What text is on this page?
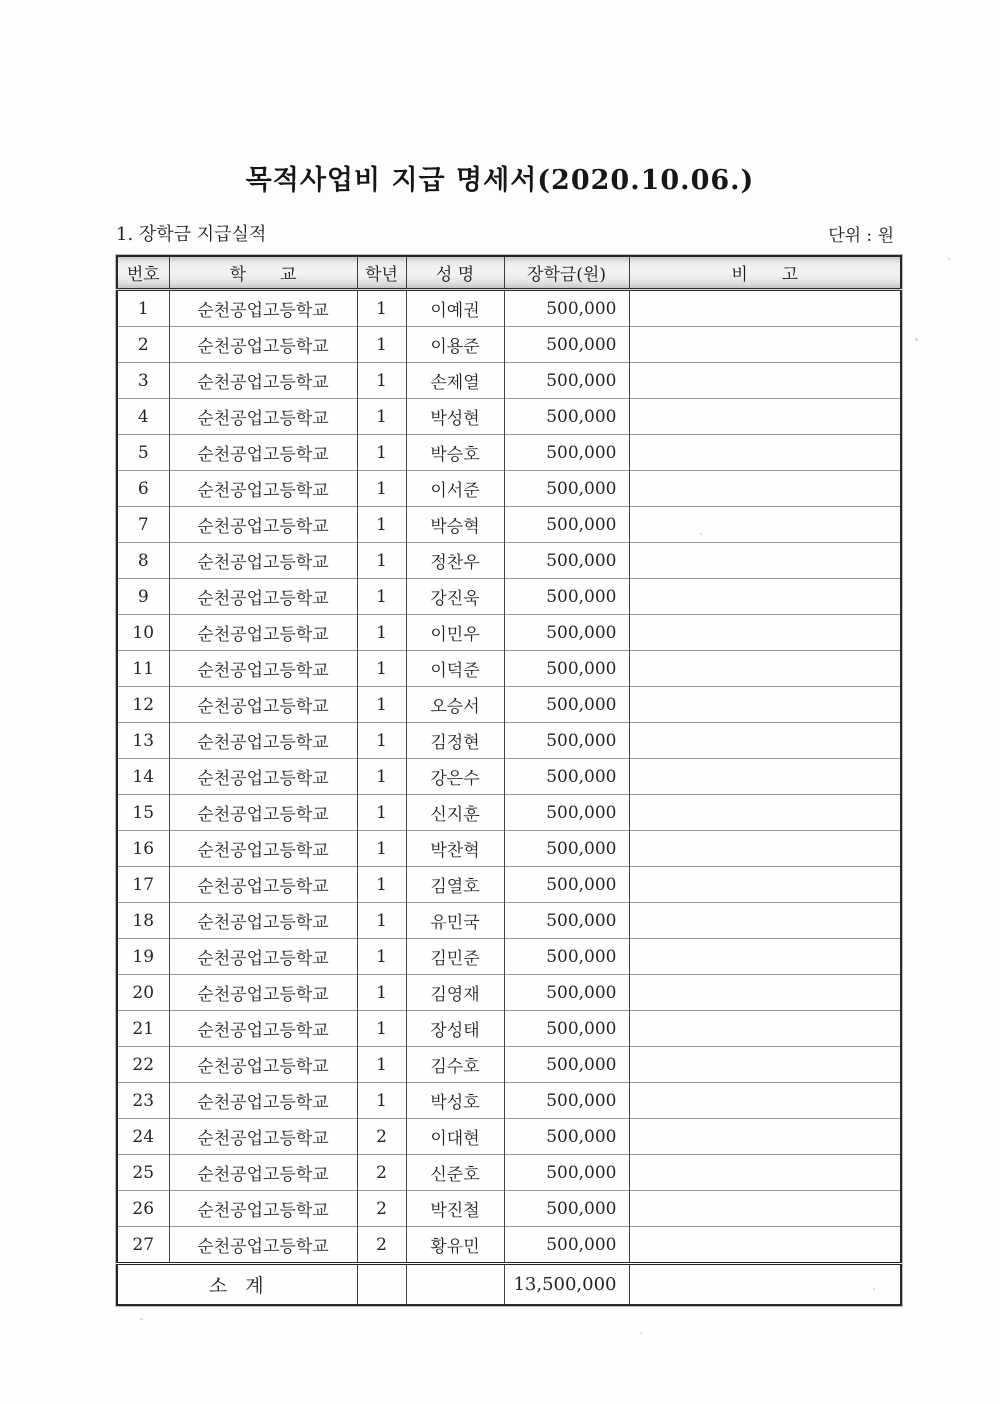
목적사업비 지급 명세서(2020.10.06.)
1. 장학금 지급실적	단위 : 원
번호	학　　교	학년	성 명	장학금(원)	비　　고
1	순천공업고등학교	1	이예권	500,000	
2	순천공업고등학교	1	이용준	500,000	
3	순천공업고등학교	1	손제열	500,000	
4	순천공업고등학교	1	박성현	500,000	
5	순천공업고등학교	1	박승호	500,000	
6	순천공업고등학교	1	이서준	500,000	
7	순천공업고등학교	1	박승혁	500,000	
8	순천공업고등학교	1	정찬우	500,000	
9	순천공업고등학교	1	강진욱	500,000	
10	순천공업고등학교	1	이민우	500,000	
11	순천공업고등학교	1	이덕준	500,000	
12	순천공업고등학교	1	오승서	500,000	
13	순천공업고등학교	1	김정현	500,000	
14	순천공업고등학교	1	강은수	500,000	
15	순천공업고등학교	1	신지훈	500,000	
16	순천공업고등학교	1	박찬혁	500,000	
17	순천공업고등학교	1	김열호	500,000	
18	순천공업고등학교	1	유민국	500,000	
19	순천공업고등학교	1	김민준	500,000	
20	순천공업고등학교	1	김영재	500,000	
21	순천공업고등학교	1	장성태	500,000	
22	순천공업고등학교	1	김수호	500,000	
23	순천공업고등학교	1	박성호	500,000	
24	순천공업고등학교	2	이대현	500,000	
25	순천공업고등학교	2	신준호	500,000	
26	순천공업고등학교	2	박진철	500,000	
27	순천공업고등학교	2	황유민	500,000	
소  계				13,500,000	
